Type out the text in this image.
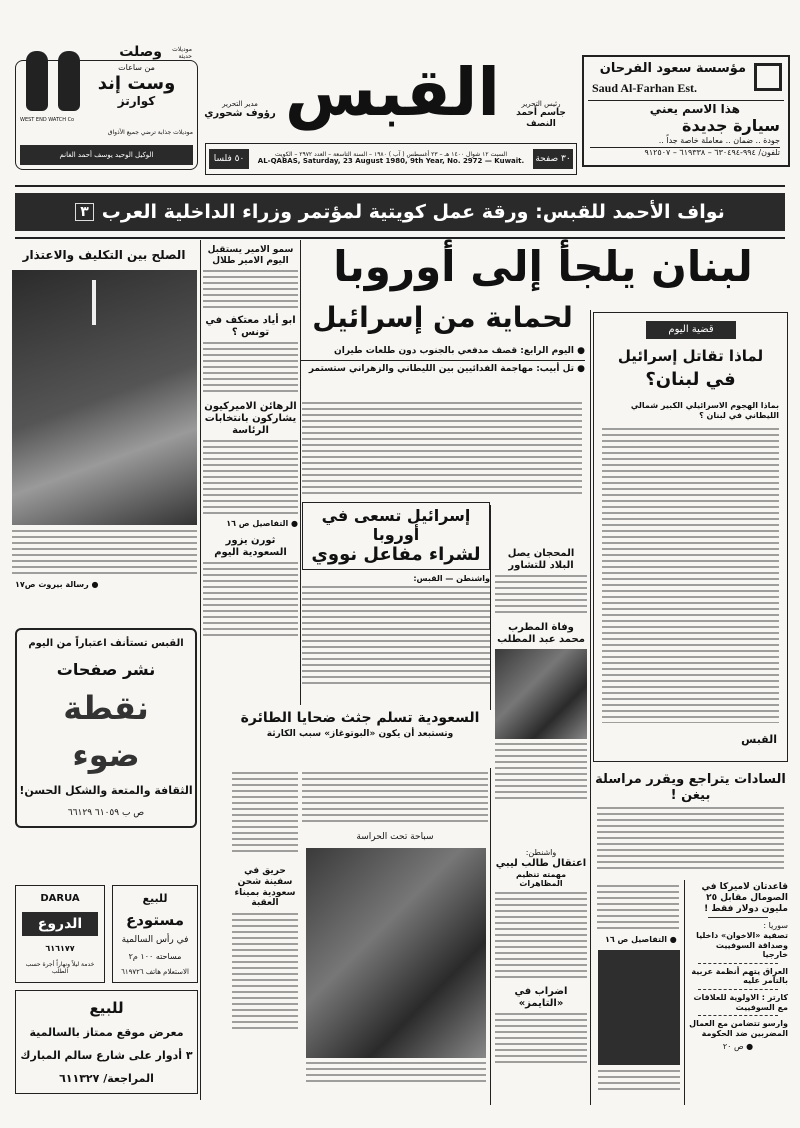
مؤسسة سعود الفرحان
Saud Al-Farhan Est.
هذا الاسم يعني
سيارة جديدة
جودة .. ضمان .. معاملة خاصة جداً ..
تلفون/ ٩٩٤-٦٣٠٤٩٤ – ٦١٩٣٣٨ – ٩١٢٥٠٧
القبس	رئيس التحرير
جاسم أحمد النصف
مدير التحرير
رؤوف شحوري
٣٠ صفحة
السبت ١٢ شوال ١٤٠٠ هـ – ٢٣ أغسطس ( آب ) ١٩٨٠ – السنة التاسعة – العدد ٢٩٧٢ – الكويت
AL-QABAS, Saturday, 23 August 1980, 9th Year, No. 2972 — Kuwait.
٥٠ فلسا
وصلت	موديلات حديثة
من ساعات
وست إند
كوارتز
WEST END WATCH Co
موديلات جذابة ترضي جميع الأذواق
الوكيل الوحيد يوسف أحمد الغانم
نواف الأحمد للقبس: ورقة عمل كويتية لمؤتمر وزراء الداخلية العرب
٣
لبنان يلجأ إلى أوروبا
لحماية من إسرائيل
● اليوم الرابع: قصف مدفعي بالجنوب دون طلعات طيران
● تل أبيب: مهاجمة الفدائيين بين الليطاني والزهراني ستستمر
قضية اليوم
لماذا تقاتل إسرائيل
في لبنان؟
بماذا الهجوم الاسرائيلي الكبير شمالي الليطاني في لبنان ؟
القبس
الصلح بين التكليف والاعتذار
● رسالة بيروت ص١٧
القبس تستأنف اعتباراً من اليوم
نشر صفحات
نقطة
ضوء
الثقافة والمتعة والشكل الحسن!
ص ب ٦١٠٥٩ ٦٦١٢٩
DARUA
الدروع
٦١٦١٧٧
خدمة ليلاً ونهاراً أجرة حسب الطلب
للبيع
مستودع
في رأس السالمية
مساحته ١٠٠ م٢
الاستعلام هاتف ٦١٩٧٢٦
للبيع
معرض موقع ممتاز بالسالمية
٣ أدوار على شارع سالم المبارك
المراجعة/ ٦١١٣٢٧
سمو الامير يستقبل اليوم الامير طلال
ابو أياد معتكف في تونس ؟
الرهائن الاميركيون يشاركون بانتخابات الرئاسة
● التفاصيل ص ١٦
ثورن يزور السعودية اليوم
إسرائيل تسعى في أوروبا
لشراء مفاعل نووي
واشنطن — القبس:
المحجان يصل البلاد للتشاور
وفاة المطرب
محمد عبد المطلب
السعودية تسلم جثث ضحايا الطائرة
وتستبعد أن يكون «البوتوغاز» سبب الكارثة
سباحة تحت الحراسة
حريق في سفينة شحن سعودية بميناء العقبة
واشنطن:
اعتقال طالب ليبي
مهمته تنظيم المظاهرات
اضراب في «التايمز»
السادات يتراجع ويقرر مراسلة بيغن !
● التفاصيل ص ١٦
قاعدتان لاميركا في الصومال مقابل ٢٥ مليون دولار فقط !
سوريا :
تصفية «الاخوان» داخليا وصداقة السوفييت خارجيا
العراق يتهم أنظمة عربية بالتآمر عليه
كارتر : الاولوية للعلاقات مع السوفييت
وارسو تتضامن مع العمال المضربين ضد الحكومة
● ص ٢٠
